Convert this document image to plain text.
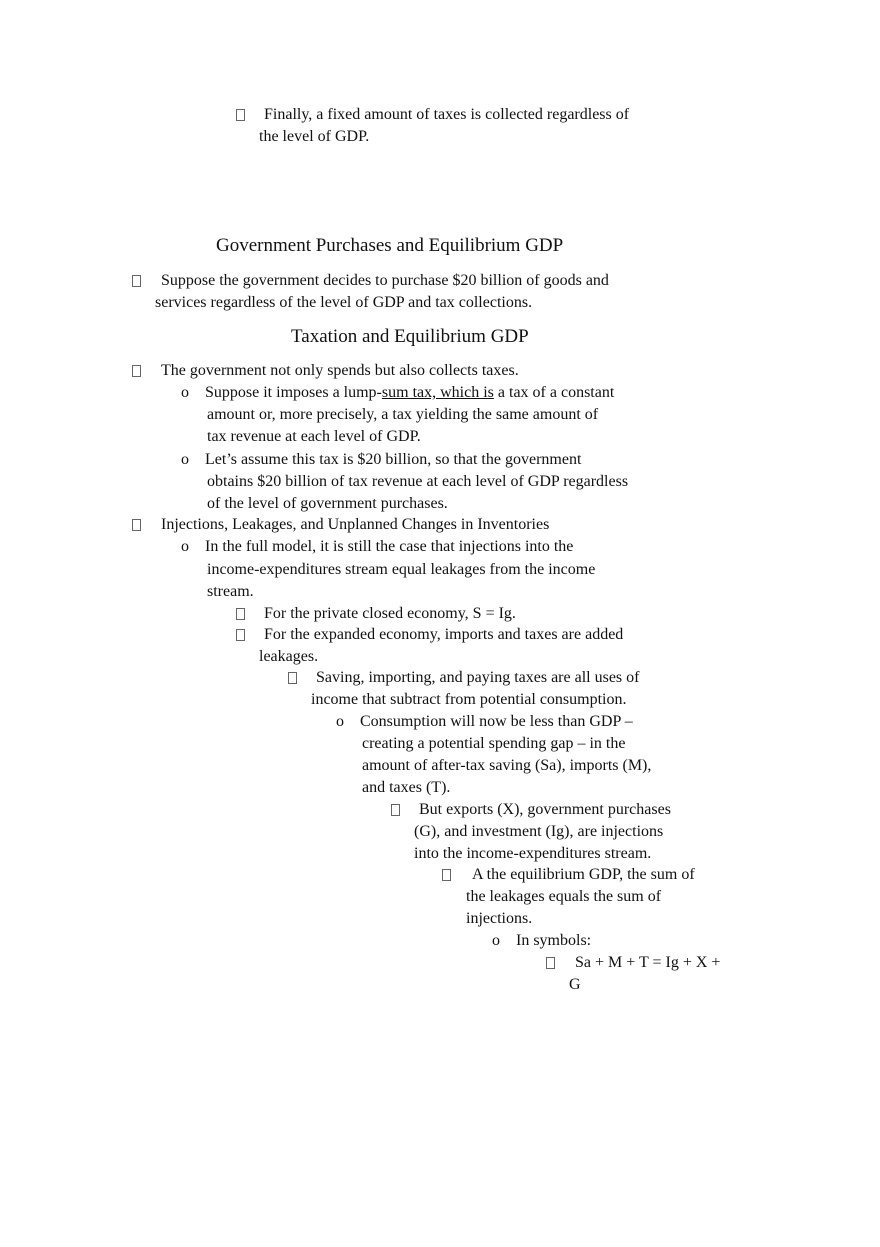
Finally, a fixed amount of taxes is collected regardless of
the level of GDP.
Government Purchases and Equilibrium GDP
Suppose the government decides to purchase $20 billion of goods and
services regardless of the level of GDP and tax collections.
Taxation and Equilibrium GDP
The government not only spends but also collects taxes.
o Suppose it imposes a lump-sum tax, which is a tax of a constant
amount or, more precisely, a tax yielding the same amount of
tax revenue at each level of GDP.
o Let’s assume this tax is $20 billion, so that the government
obtains $20 billion of tax revenue at each level of GDP regardless
of the level of government purchases.
Injections, Leakages, and Unplanned Changes in Inventories
o In the full model, it is still the case that injections into the
income-expenditures stream equal leakages from the income
stream.
For the private closed economy, S = Ig.
For the expanded economy, imports and taxes are added
leakages.
Saving, importing, and paying taxes are all uses of
income that subtract from potential consumption.
o Consumption will now be less than GDP –
creating a potential spending gap – in the
amount of after-tax saving (Sa), imports (M),
and taxes (T).
But exports (X), government purchases
(G), and investment (Ig), are injections
into the income-expenditures stream.
A the equilibrium GDP, the sum of
the leakages equals the sum of
injections.
o In symbols:
Sa + M + T = Ig + X +
G
